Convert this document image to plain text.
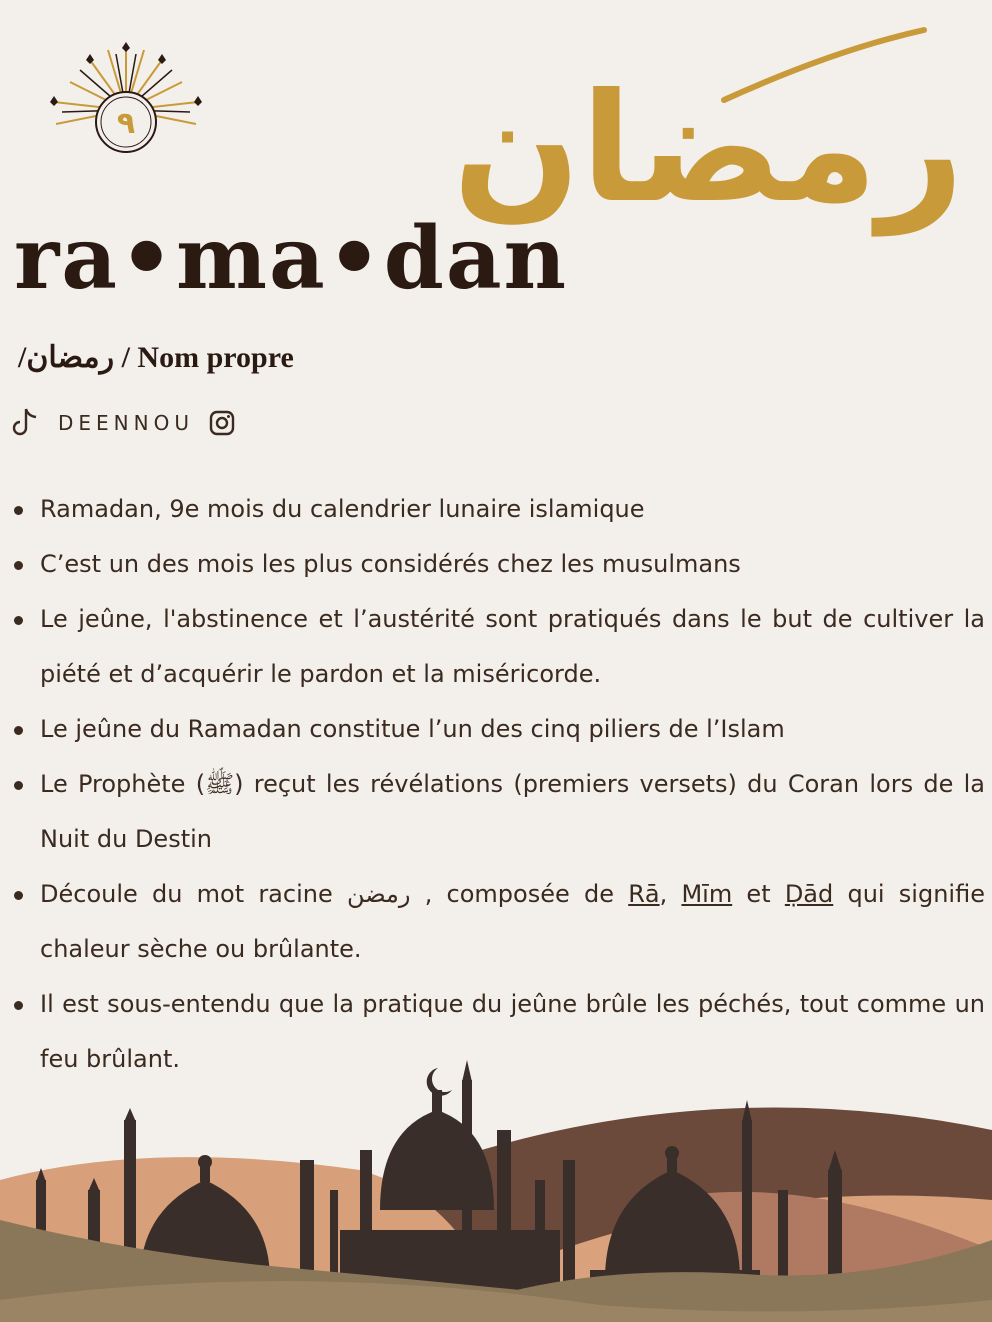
٩ رمضان
ra•ma•dan
/رمضان / Nom propre
DEENNOU
Ramadan, 9e mois du calendrier lunaire islamique
C’est un des mois les plus considérés chez les musulmans
Le jeûne, l'abstinence et l’austérité sont pratiqués dans le but de cultiver la piété et d’acquérir le pardon et la miséricorde.
Le jeûne du Ramadan constitue l’un des cinq piliers de l’Islam
Le Prophète (ﷺ) reçut les révélations (premiers versets) du Coran lors de la Nuit du Destin
Découle du mot racine رمضن , composée de Rā, Mīm et Ḍād qui signifie chaleur sèche ou brûlante.
Il est sous-entendu que la pratique du jeûne brûle les péchés, tout comme un feu brûlant.
